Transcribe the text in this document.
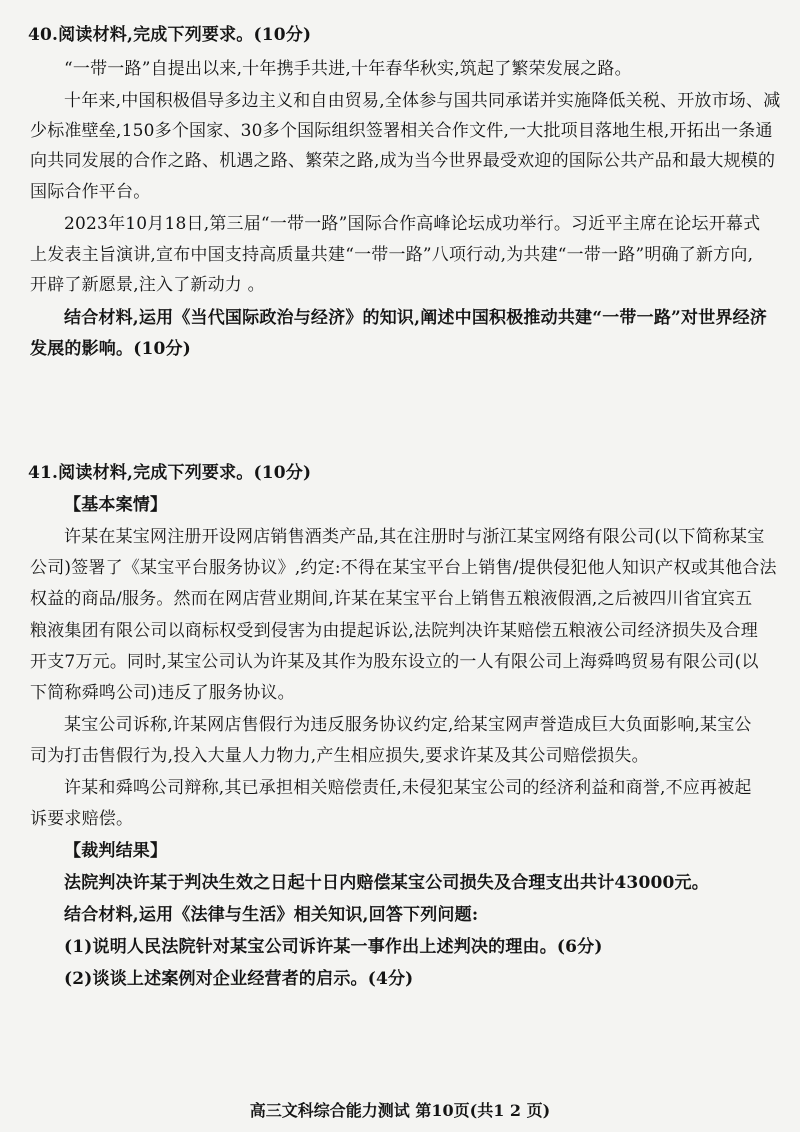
40.阅读材料,完成下列要求。(10分)
“一带一路”自提出以来,十年携手共进,十年春华秋实,筑起了繁荣发展之路。
十年来,中国积极倡导多边主义和自由贸易,全体参与国共同承诺并实施降低关税、开放市场、减
少标准壁垒,150多个国家、30多个国际组织签署相关合作文件,一大批项目落地生根,开拓出一条通
向共同发展的合作之路、机遇之路、繁荣之路,成为当今世界最受欢迎的国际公共产品和最大规模的
国际合作平台。
2023年10月18日,第三届“一带一路”国际合作高峰论坛成功举行。习近平主席在论坛开幕式
上发表主旨演讲,宣布中国支持高质量共建“一带一路”八项行动,为共建“一带一路”明确了新方向,
开辟了新愿景,注入了新动力 。
结合材料,运用《当代国际政治与经济》的知识,阐述中国积极推动共建“一带一路”对世界经济
发展的影响。(10分)
41.阅读材料,完成下列要求。(10分)
【基本案情】
许某在某宝网注册开设网店销售酒类产品,其在注册时与浙江某宝网络有限公司(以下简称某宝
公司)签署了《某宝平台服务协议》,约定:不得在某宝平台上销售/提供侵犯他人知识产权或其他合法
权益的商品/服务。然而在网店营业期间,许某在某宝平台上销售五粮液假酒,之后被四川省宜宾五
粮液集团有限公司以商标权受到侵害为由提起诉讼,法院判决许某赔偿五粮液公司经济损失及合理
开支7万元。同时,某宝公司认为许某及其作为股东设立的一人有限公司上海舜鸣贸易有限公司(以
下简称舜鸣公司)违反了服务协议。
某宝公司诉称,许某网店售假行为违反服务协议约定,给某宝网声誉造成巨大负面影响,某宝公
司为打击售假行为,投入大量人力物力,产生相应损失,要求许某及其公司赔偿损失。
许某和舜鸣公司辩称,其已承担相关赔偿责任,未侵犯某宝公司的经济利益和商誉,不应再被起
诉要求赔偿。
【裁判结果】
法院判决许某于判决生效之日起十日内赔偿某宝公司损失及合理支出共计43000元。
结合材料,运用《法律与生活》相关知识,回答下列问题:
(1)说明人民法院针对某宝公司诉许某一事作出上述判决的理由。(6分)
(2)谈谈上述案例对企业经营者的启示。(4分)
高三文科综合能力测试 第10页(共1 2 页)
